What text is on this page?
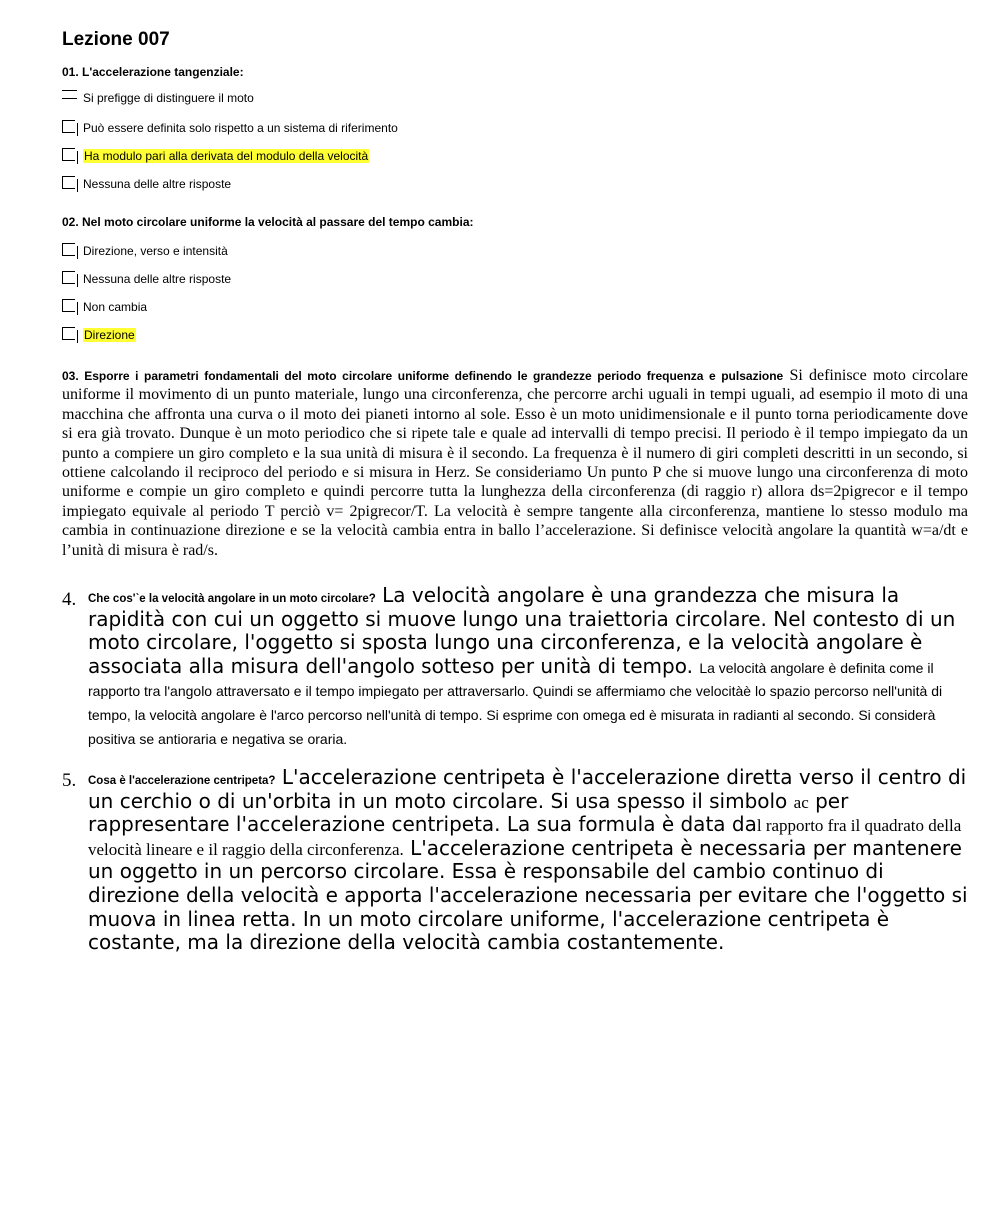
Lezione 007
01. L'accelerazione tangenziale:
Si prefigge di distinguere il moto
Può essere definita solo rispetto a un sistema di riferimento
Ha modulo pari alla derivata del modulo della velocità
Nessuna delle altre risposte
02. Nel moto circolare uniforme la velocità al passare del tempo cambia:
Direzione, verso e intensità
Nessuna delle altre risposte
Non cambia
Direzione
03. Esporre i parametri fondamentali del moto circolare uniforme definendo le grandezze periodo frequenza e pulsazione Si definisce moto circolare uniforme il movimento di un punto materiale, lungo una circonferenza, che percorre archi uguali in tempi uguali, ad esempio il moto di una macchina che affronta una curva o il moto dei pianeti intorno al sole. Esso è un moto unidimensionale e il punto torna periodicamente dove si era già trovato. Dunque è un moto periodico che si ripete tale e quale ad intervalli di tempo precisi. Il periodo è il tempo impiegato da un punto a compiere un giro completo e la sua unità di misura è il secondo. La frequenza è il numero di giri completi descritti in un secondo, si ottiene calcolando il reciproco del periodo e si misura in Herz. Se consideriamo Un punto P che si muove lungo una circonferenza di moto uniforme e compie un giro completo e quindi percorre tutta la lunghezza della circonferenza (di raggio r) allora ds=2pigrecor e il tempo impiegato equivale al periodo T perciò v= 2pigrecor/T. La velocità è sempre tangente alla circonferenza, mantiene lo stesso modulo ma cambia in continuazione direzione e se la velocità cambia entra in ballo l’accelerazione. Si definisce velocità angolare la quantità w=a/dt e l’unità di misura è rad/s.
4. Che cos'ˋe la velocità angolare in un moto circolare? La velocità angolare è una grandezza che misura la rapidità con cui un oggetto si muove lungo una traiettoria circolare. Nel contesto di un moto circolare, l'oggetto si sposta lungo una circonferenza, e la velocità angolare è associata alla misura dell'angolo sotteso per unità di tempo. La velocità angolare è definita come il rapporto tra l'angolo attraversato e il tempo impiegato per attraversarlo. Quindi se affermiamo che velocitàè lo spazio percorso nell'unità di tempo, la velocità angolare è l'arco percorso nell'unità di tempo. Si esprime con omega ed è misurata in radianti al secondo. Si considerà positiva se antioraria e negativa se oraria.
5. Cosa è l'accelerazione centripeta? L'accelerazione centripeta è l'accelerazione diretta verso il centro di un cerchio o di un'orbita in un moto circolare. Si usa spesso il simbolo ac per rappresentare l'accelerazione centripeta. La sua formula è data dal rapporto fra il quadrato della velocità lineare e il raggio della circonferenza. L'accelerazione centripeta è necessaria per mantenere un oggetto in un percorso circolare. Essa è responsabile del cambio continuo di direzione della velocità e apporta l'accelerazione necessaria per evitare che l'oggetto si muova in linea retta. In un moto circolare uniforme, l'accelerazione centripeta è costante, ma la direzione della velocità cambia costantemente.
